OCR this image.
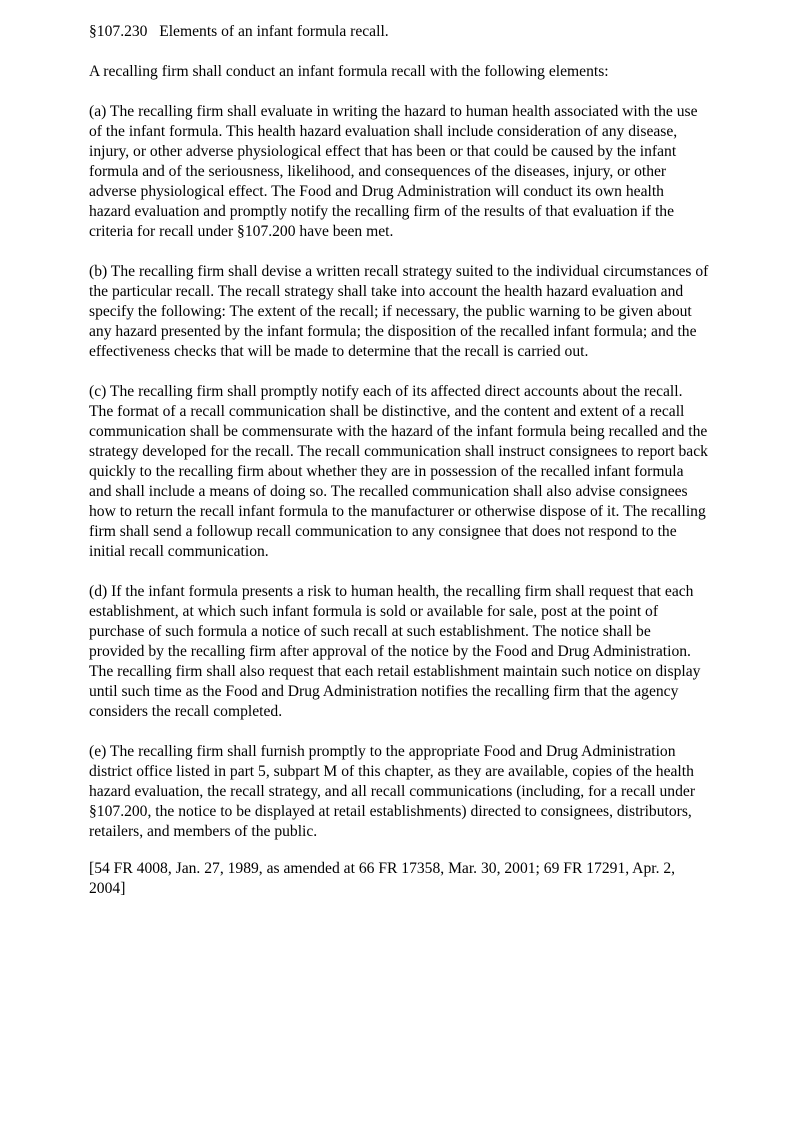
§107.230 Elements of an infant formula recall.

A recalling firm shall conduct an infant formula recall with the following elements:

(a) The recalling firm shall evaluate in writing the hazard to human health associated with the use of the infant formula. This health hazard evaluation shall include consideration of any disease, injury, or other adverse physiological effect that has been or that could be caused by the infant formula and of the seriousness, likelihood, and consequences of the diseases, injury, or other adverse physiological effect. The Food and Drug Administration will conduct its own health hazard evaluation and promptly notify the recalling firm of the results of that evaluation if the criteria for recall under §107.200 have been met.

(b) The recalling firm shall devise a written recall strategy suited to the individual circumstances of the particular recall. The recall strategy shall take into account the health hazard evaluation and specify the following: The extent of the recall; if necessary, the public warning to be given about any hazard presented by the infant formula; the disposition of the recalled infant formula; and the effectiveness checks that will be made to determine that the recall is carried out.

(c) The recalling firm shall promptly notify each of its affected direct accounts about the recall. The format of a recall communication shall be distinctive, and the content and extent of a recall communication shall be commensurate with the hazard of the infant formula being recalled and the strategy developed for the recall. The recall communication shall instruct consignees to report back quickly to the recalling firm about whether they are in possession of the recalled infant formula and shall include a means of doing so. The recalled communication shall also advise consignees how to return the recall infant formula to the manufacturer or otherwise dispose of it. The recalling firm shall send a followup recall communication to any consignee that does not respond to the initial recall communication.

(d) If the infant formula presents a risk to human health, the recalling firm shall request that each establishment, at which such infant formula is sold or available for sale, post at the point of purchase of such formula a notice of such recall at such establishment. The notice shall be provided by the recalling firm after approval of the notice by the Food and Drug Administration. The recalling firm shall also request that each retail establishment maintain such notice on display until such time as the Food and Drug Administration notifies the recalling firm that the agency considers the recall completed.

(e) The recalling firm shall furnish promptly to the appropriate Food and Drug Administration district office listed in part 5, subpart M of this chapter, as they are available, copies of the health hazard evaluation, the recall strategy, and all recall communications (including, for a recall under §107.200, the notice to be displayed at retail establishments) directed to consignees, distributors, retailers, and members of the public.

[54 FR 4008, Jan. 27, 1989, as amended at 66 FR 17358, Mar. 30, 2001; 69 FR 17291, Apr. 2, 2004]
